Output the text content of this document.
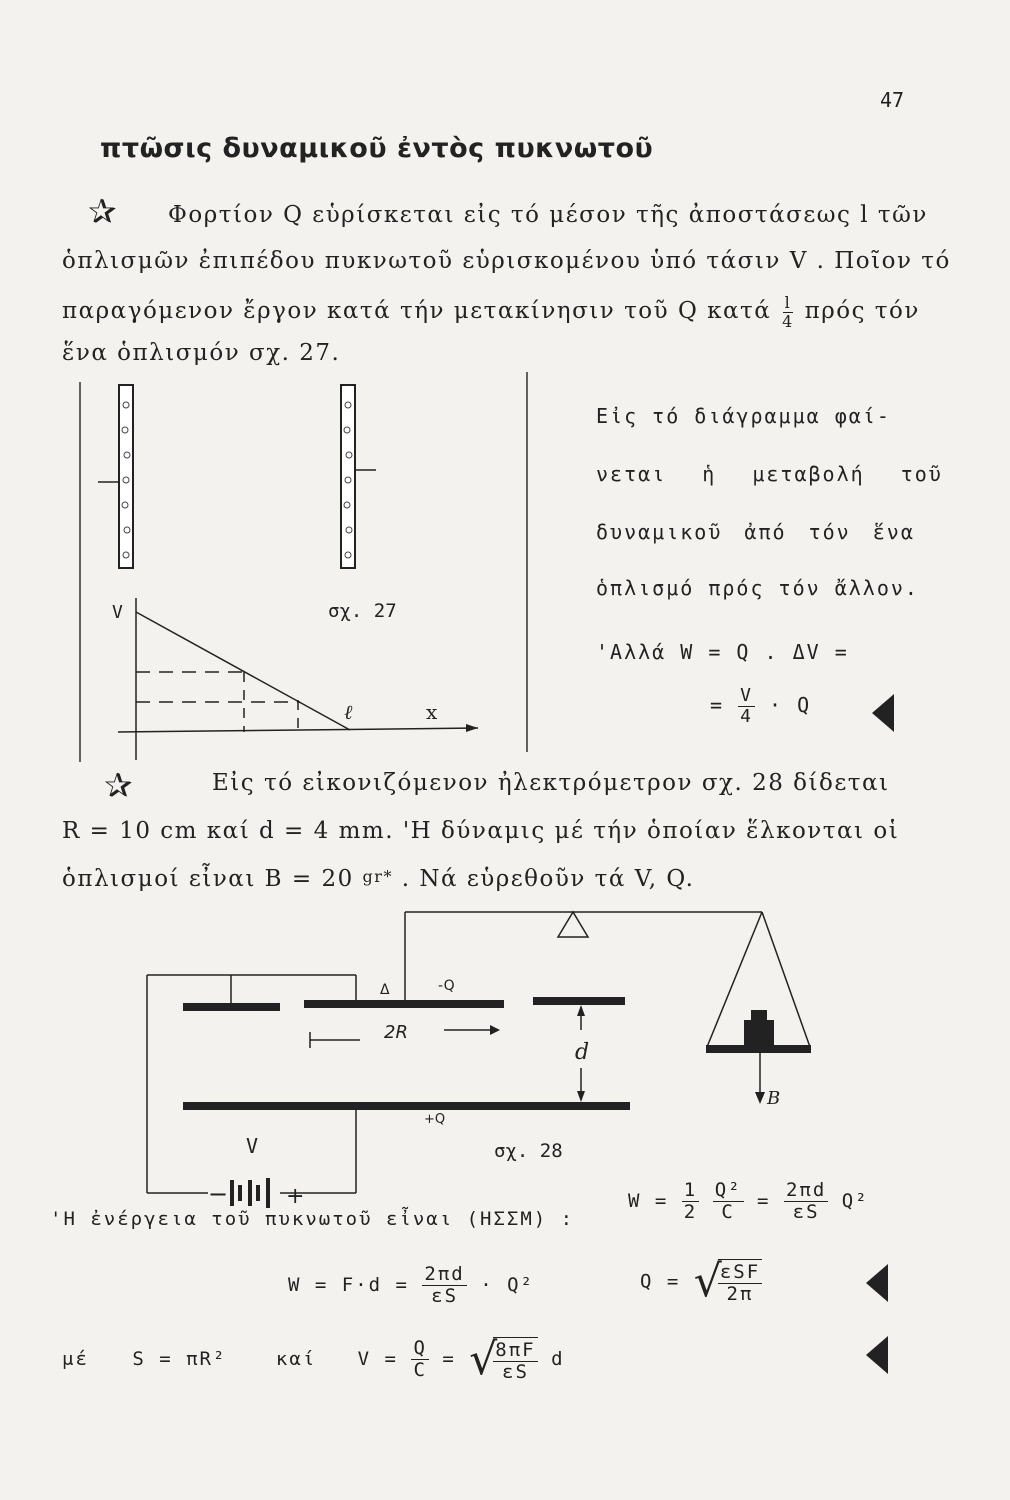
47
πτῶσις δυναμικοῦ ἐντὸς πυκνωτοῦ
✰ Φορτίον Q εὑρίσκεται εἰς τό μέσον τῆς ἀποστάσεως l τῶν
ὁπλισμῶν ἐπιπέδου πυκνωτοῦ εὑρισκομένου ὑπό τάσιν V . Ποῖον τό
παραγόμενον ἔργον κατά τήν μετακίνησιν τοῦ Q κατά $\frac{l}{4}$ πρός τόν
ἕνα ὁπλισμόν σχ. 27.
V	σχ. 27
ℓ	x
Εἰς τό διάγραμμα φαί-
νεται ἡ μεταβολή τοῦ
δυναμικοῦ ἀπό τόν ἕνα
ὁπλισμό πρός τόν ἄλλον.
'Αλλά W = Q . ΔV =
= $\frac{V}{4} \cdot Q$
✰	Εἰς τό εἰκονιζόμενον ἠλεκτρόμετρον σχ. 28 δίδεται
R = 10 cm καί d = 4 mm. 'Η δύναμις μέ τήν ὁποίαν ἕλκονται οἱ
ὁπλισμοί εἶναι B = 20 gr* . Νά εὑρεθοῦν τά V, Q.
Δ	-Q
2R
d
B
+Q
V
−	+
σχ. 28
'Η ἐνέργεια τοῦ πυκνωτοῦ εἶναι (ΗΣΣΜ) :
$W = \frac{1}{2}$
$\frac{\text{Q²}}{C} = \frac{2\pi d}{\varepsilon S} Q^2$
$W = F\cdot d = \frac{2\pi d}{\varepsilon S} \cdot Q^2$	Q = √
$\frac{\text{εSF}}{2\pi}$
μέ S = πR²	καί $V = \frac{Q}{C}$ = √
$\frac{8\pi F}{\varepsilon S}$ d
